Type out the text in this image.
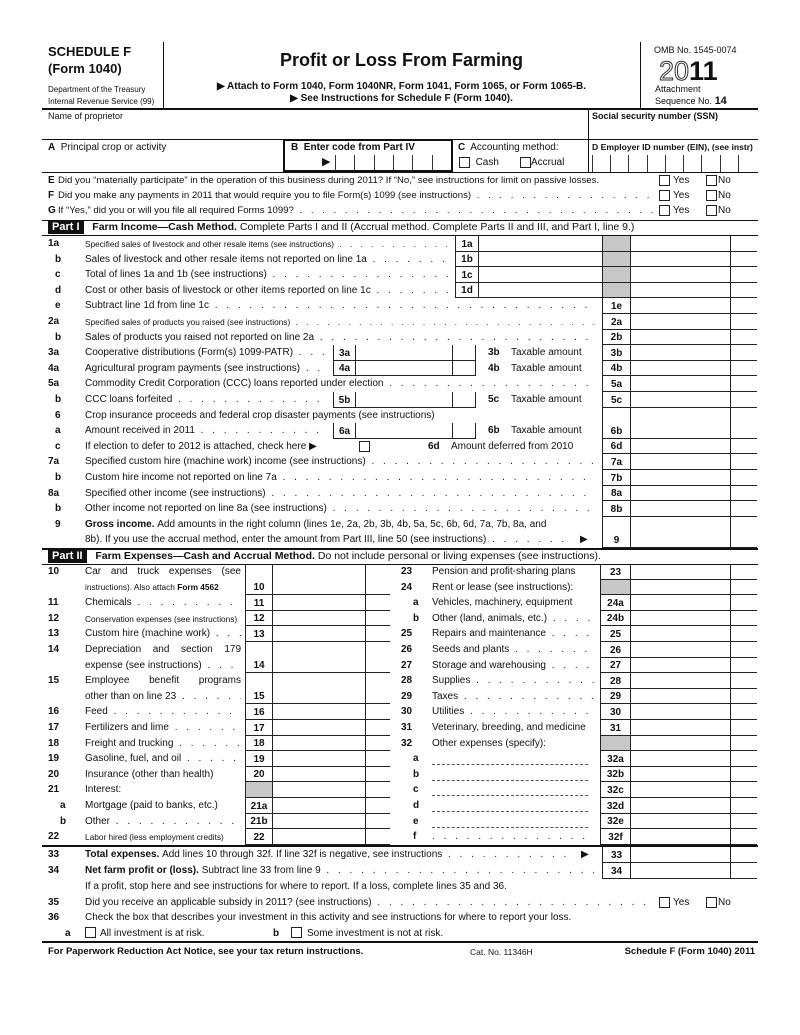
SCHEDULE F
(Form 1040)
Department of the Treasury
Internal Revenue Service (99)
Profit or Loss From Farming
▶ Attach to Form 1040, Form 1040NR, Form 1041, Form 1065, or Form 1065-B.
▶ See Instructions for Schedule F (Form 1040).
OMB No. 1545-0074
2011
Attachment
Sequence No. 14
Name of proprietor	Social security number (SSN)
A Principal crop or activity	B Enter code from Part IV
▶
C Accounting method:
Cash	Accrual
D Employer ID number (EIN), (see instr)
E Did you “materially participate” in the operation of this business during 2011? If “No,” see instructions for limit on passive losses.	Yes	No
F Did you make any payments in 2011 that would require you to file Form(s) 1099 (see instructions) . . .	Yes	No
G If “Yes,” did you or will you file all required Forms 1099? . . .	Yes	No
Part I Farm Income—Cash Method. Complete Parts I and II (Accrual method. Complete Parts II and III, and Part I, line 9.)
1a	Specified sales of livestock and other resale items (see instructions) . . .	1a
b	Sales of livestock and other resale items not reported on line 1a . . .	1b
c	Total of lines 1a and 1b (see instructions) . . .	1c
d	Cost or other basis of livestock or other items reported on line 1c . . .	1d
e	Subtract line 1d from line 1c . . .	1e
2a	Specified sales of products you raised (see instructions) . . .	2a
b	Sales of products you raised not reported on line 2a . . .	2b
3a	Cooperative distributions (Form(s) 1099-PATR) . . .	3a	3b Taxable amount	3b
4a	Agricultural program payments (see instructions) . . .	4a	4b Taxable amount	4b
5a	Commodity Credit Corporation (CCC) loans reported under election . . .	5a
b	CCC loans forfeited . . .	5b	5c Taxable amount	5c
6	Crop insurance proceeds and federal crop disaster payments (see instructions)
a	Amount received in 2011 . . .	6a	6b Taxable amount	6b
c	If election to defer to 2012 is attached, check here ▶	6d Amount deferred from 2010	6d
7a	Specified custom hire (machine work) income (see instructions) . . .	7a
b	Custom hire income not reported on line 7a . . .	7b
8a	Specified other income (see instructions) . . .	8a
b	Other income not reported on line 8a (see instructions) . . .	8b
9	Gross income. Add amounts in the right column (lines 1e, 2a, 2b, 3b, 4b, 5a, 5c, 6b, 6d, 7a, 7b, 8a, and
8b). If you use the accrual method, enter the amount from Part III, line 50 (see instructions) . . .	▶	9
Part II Farm Expenses—Cash and Accrual Method. Do not include personal or living expenses (see instructions).
10	Car and truck expenses (see
instructions). Also attach Form 4562	10
11	Chemicals . . .	11
12	Conservation expenses (see instructions)	12
13	Custom hire (machine work) . . .	13
14	Depreciation and section 179
expense (see instructions) . . .	14
15	Employee benefit programs
other than on line 23 . . .	15
16	Feed . . .	16
17	Fertilizers and lime . . .	17
18	Freight and trucking . . .	18
19	Gasoline, fuel, and oil . . .	19
20	Insurance (other than health)	20
21	Interest:
a Mortgage (paid to banks, etc.)	21a
b Other . . .	21b
22	Labor hired (less employment credits)	22
23 Pension and profit-sharing plans	23
24 Rent or lease (see instructions):
a Vehicles, machinery, equipment	24a
b Other (land, animals, etc.) . . .	24b
25 Repairs and maintenance . . .	25
26 Seeds and plants . . .	26
27 Storage and warehousing . . .	27
28 Supplies . . .	28
29 Taxes . . .	29
30 Utilities . . .	30
31 Veterinary, breeding, and medicine	31
32 Other expenses (specify):
a	32a
b	32b
c	32c
d	32d
e	32e
f . . .	32f
33	Total expenses. Add lines 10 through 32f. If line 32f is negative, see instructions . . .	33
34	Net farm profit or (loss). Subtract line 33 from line 9 . . .	34
▶
If a profit, stop here and see instructions for where to report. If a loss, complete lines 35 and 36.
35	Did you receive an applicable subsidy in 2011? (see instructions) . . .	Yes	No
36	Check the box that describes your investment in this activity and see instructions for where to report your loss.
a	All investment is at risk.	b	Some investment is not at risk.
For Paperwork Reduction Act Notice, see your tax return instructions.	Cat. No. 11346H	Schedule F (Form 1040) 2011
